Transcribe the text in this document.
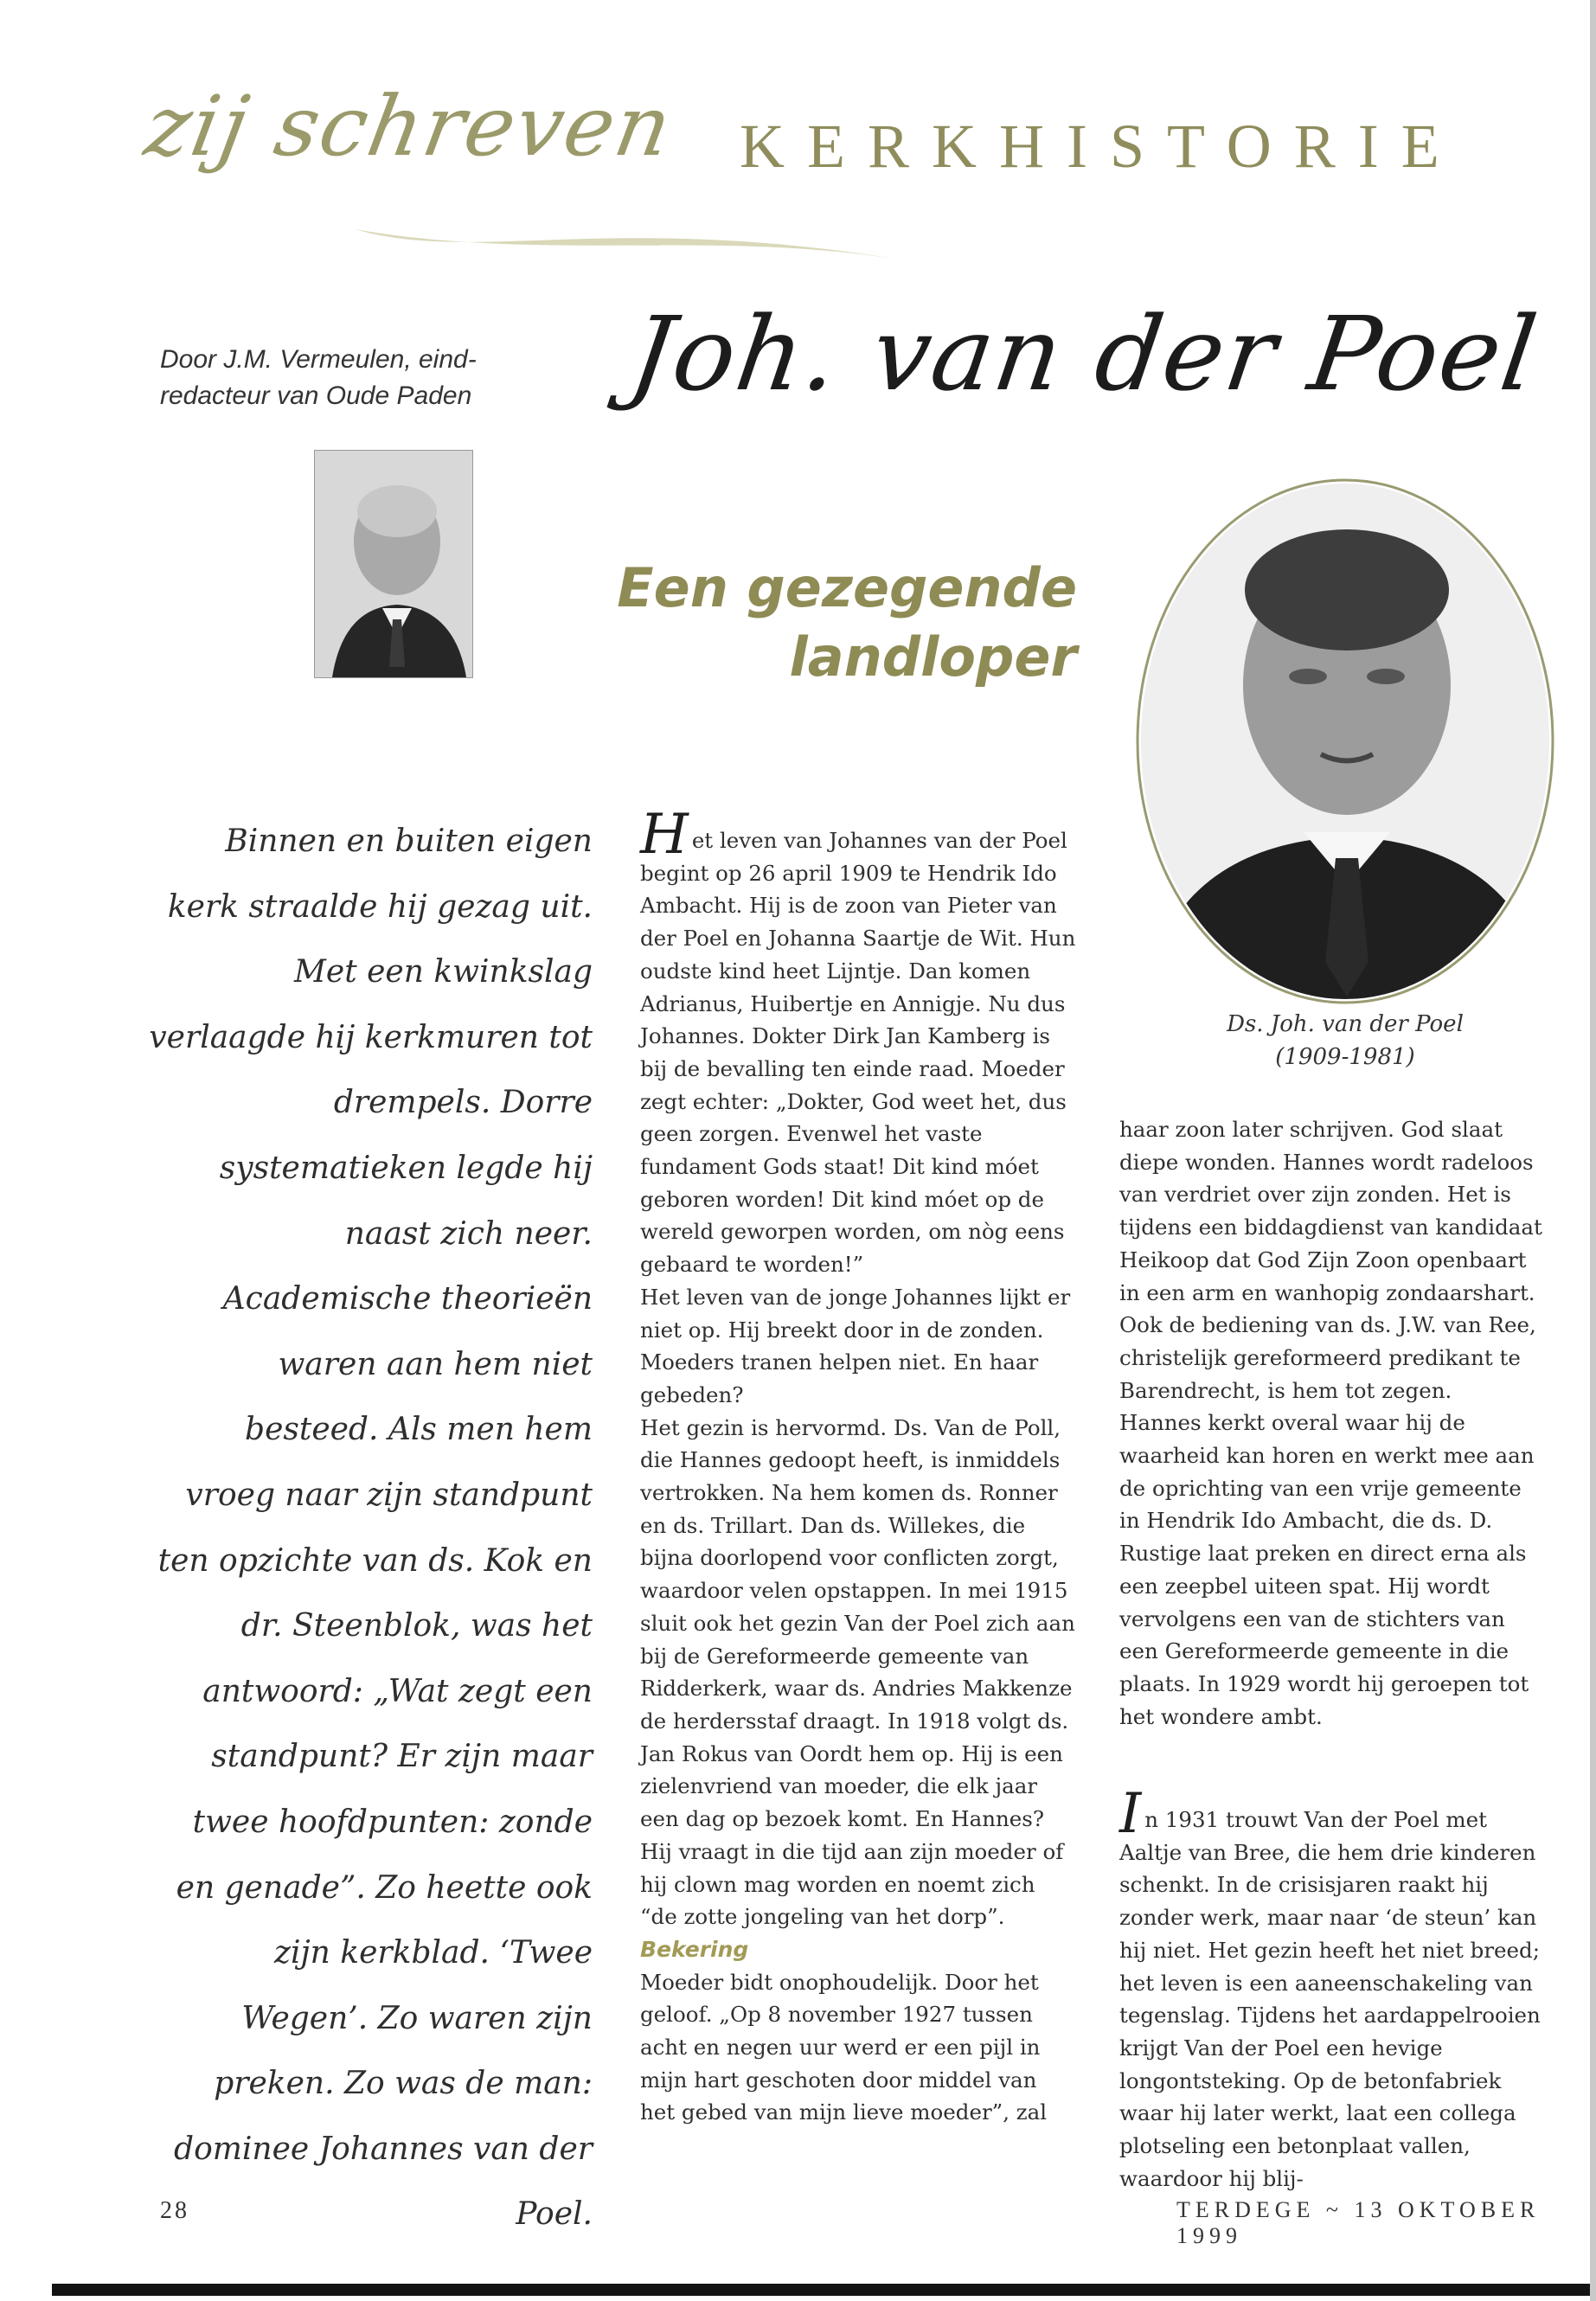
zij schreven KERKHISTORIE
Door J.M. Vermeulen, eind-redacteur van Oude Paden	Joh. van der Poel
Een gezegende landloper
Ds. Joh. van der Poel
(1909-1981)
Binnen en buiten eigen kerk straalde hij gezag uit. Met een kwinkslag verlaagde hij kerkmuren tot drempels. Dorre systematieken legde hij naast zich neer. Academische theorieën waren aan hem niet besteed. Als men hem vroeg naar zijn standpunt ten opzichte van ds. Kok en dr. Steenblok, was het antwoord: „Wat zegt een standpunt? Er zijn maar twee hoofdpunten: zonde en genade”. Zo heette ook zijn kerkblad. ‘Twee Wegen’. Zo waren zijn preken. Zo was de man: dominee Johannes van der Poel.

Het leven van Johannes van der Poel begint op 26 april 1909 te Hendrik Ido Ambacht. Hij is de zoon van Pieter van der Poel en Johanna Saartje de Wit. Hun oudste kind heet Lijntje. Dan komen Adrianus, Huibertje en Annigje. Nu dus Johannes. Dokter Dirk Jan Kamberg is bij de bevalling ten einde raad. Moeder zegt echter: „Dokter, God weet het, dus geen zorgen. Evenwel het vaste fundament Gods staat! Dit kind móet geboren worden! Dit kind móet op de wereld geworpen worden, om nòg eens gebaard te worden!”

Het leven van de jonge Johannes lijkt er niet op. Hij breekt door in de zonden. Moeders tranen helpen niet. En haar gebeden?

Het gezin is hervormd. Ds. Van de Poll, die Hannes gedoopt heeft, is inmiddels vertrokken. Na hem komen ds. Ronner en ds. Trillart. Dan ds. Willekes, die bijna doorlopend voor conflicten zorgt, waardoor velen opstappen. In mei 1915 sluit ook het gezin Van der Poel zich aan bij de Gereformeerde gemeente van Ridderkerk, waar ds. Andries Makkenze de herdersstaf draagt. In 1918 volgt ds. Jan Rokus van Oordt hem op. Hij is een zielenvriend van moeder, die elk jaar een dag op bezoek komt. En Hannes? Hij vraagt in die tijd aan zijn moeder of hij clown mag worden en noemt zich “de zotte jongeling van het dorp”.

Bekering

Moeder bidt onophoudelijk. Door het geloof. „Op 8 november 1927 tussen acht en negen uur werd er een pijl in mijn hart geschoten door middel van het gebed van mijn lieve moeder”, zal

haar zoon later schrijven. God slaat diepe wonden. Hannes wordt radeloos van verdriet over zijn zonden. Het is tijdens een biddagdienst van kandidaat Heikoop dat God Zijn Zoon openbaart in een arm en wanhopig zondaarshart. Ook de bediening van ds. J.W. van Ree, christelijk gereformeerd predikant te Barendrecht, is hem tot zegen.

Hannes kerkt overal waar hij de waarheid kan horen en werkt mee aan de oprichting van een vrije gemeente in Hendrik Ido Ambacht, die ds. D. Rustige laat preken en direct erna als een zeepbel uiteen spat. Hij wordt vervolgens een van de stichters van een Gereformeerde gemeente in die plaats. In 1929 wordt hij geroepen tot het wondere ambt.

In 1931 trouwt Van der Poel met Aaltje van Bree, die hem drie kinderen schenkt. In de crisisjaren raakt hij zonder werk, maar naar ‘de steun’ kan hij niet. Het gezin heeft het niet breed; het leven is een aaneenschakeling van tegenslag. Tijdens het aardappelrooien krijgt Van der Poel een hevige longontsteking. Op de betonfabriek waar hij later werkt, laat een collega plotseling een betonplaat vallen, waardoor hij blij-

28	TERDEGE ~ 13 OKTOBER 1999
